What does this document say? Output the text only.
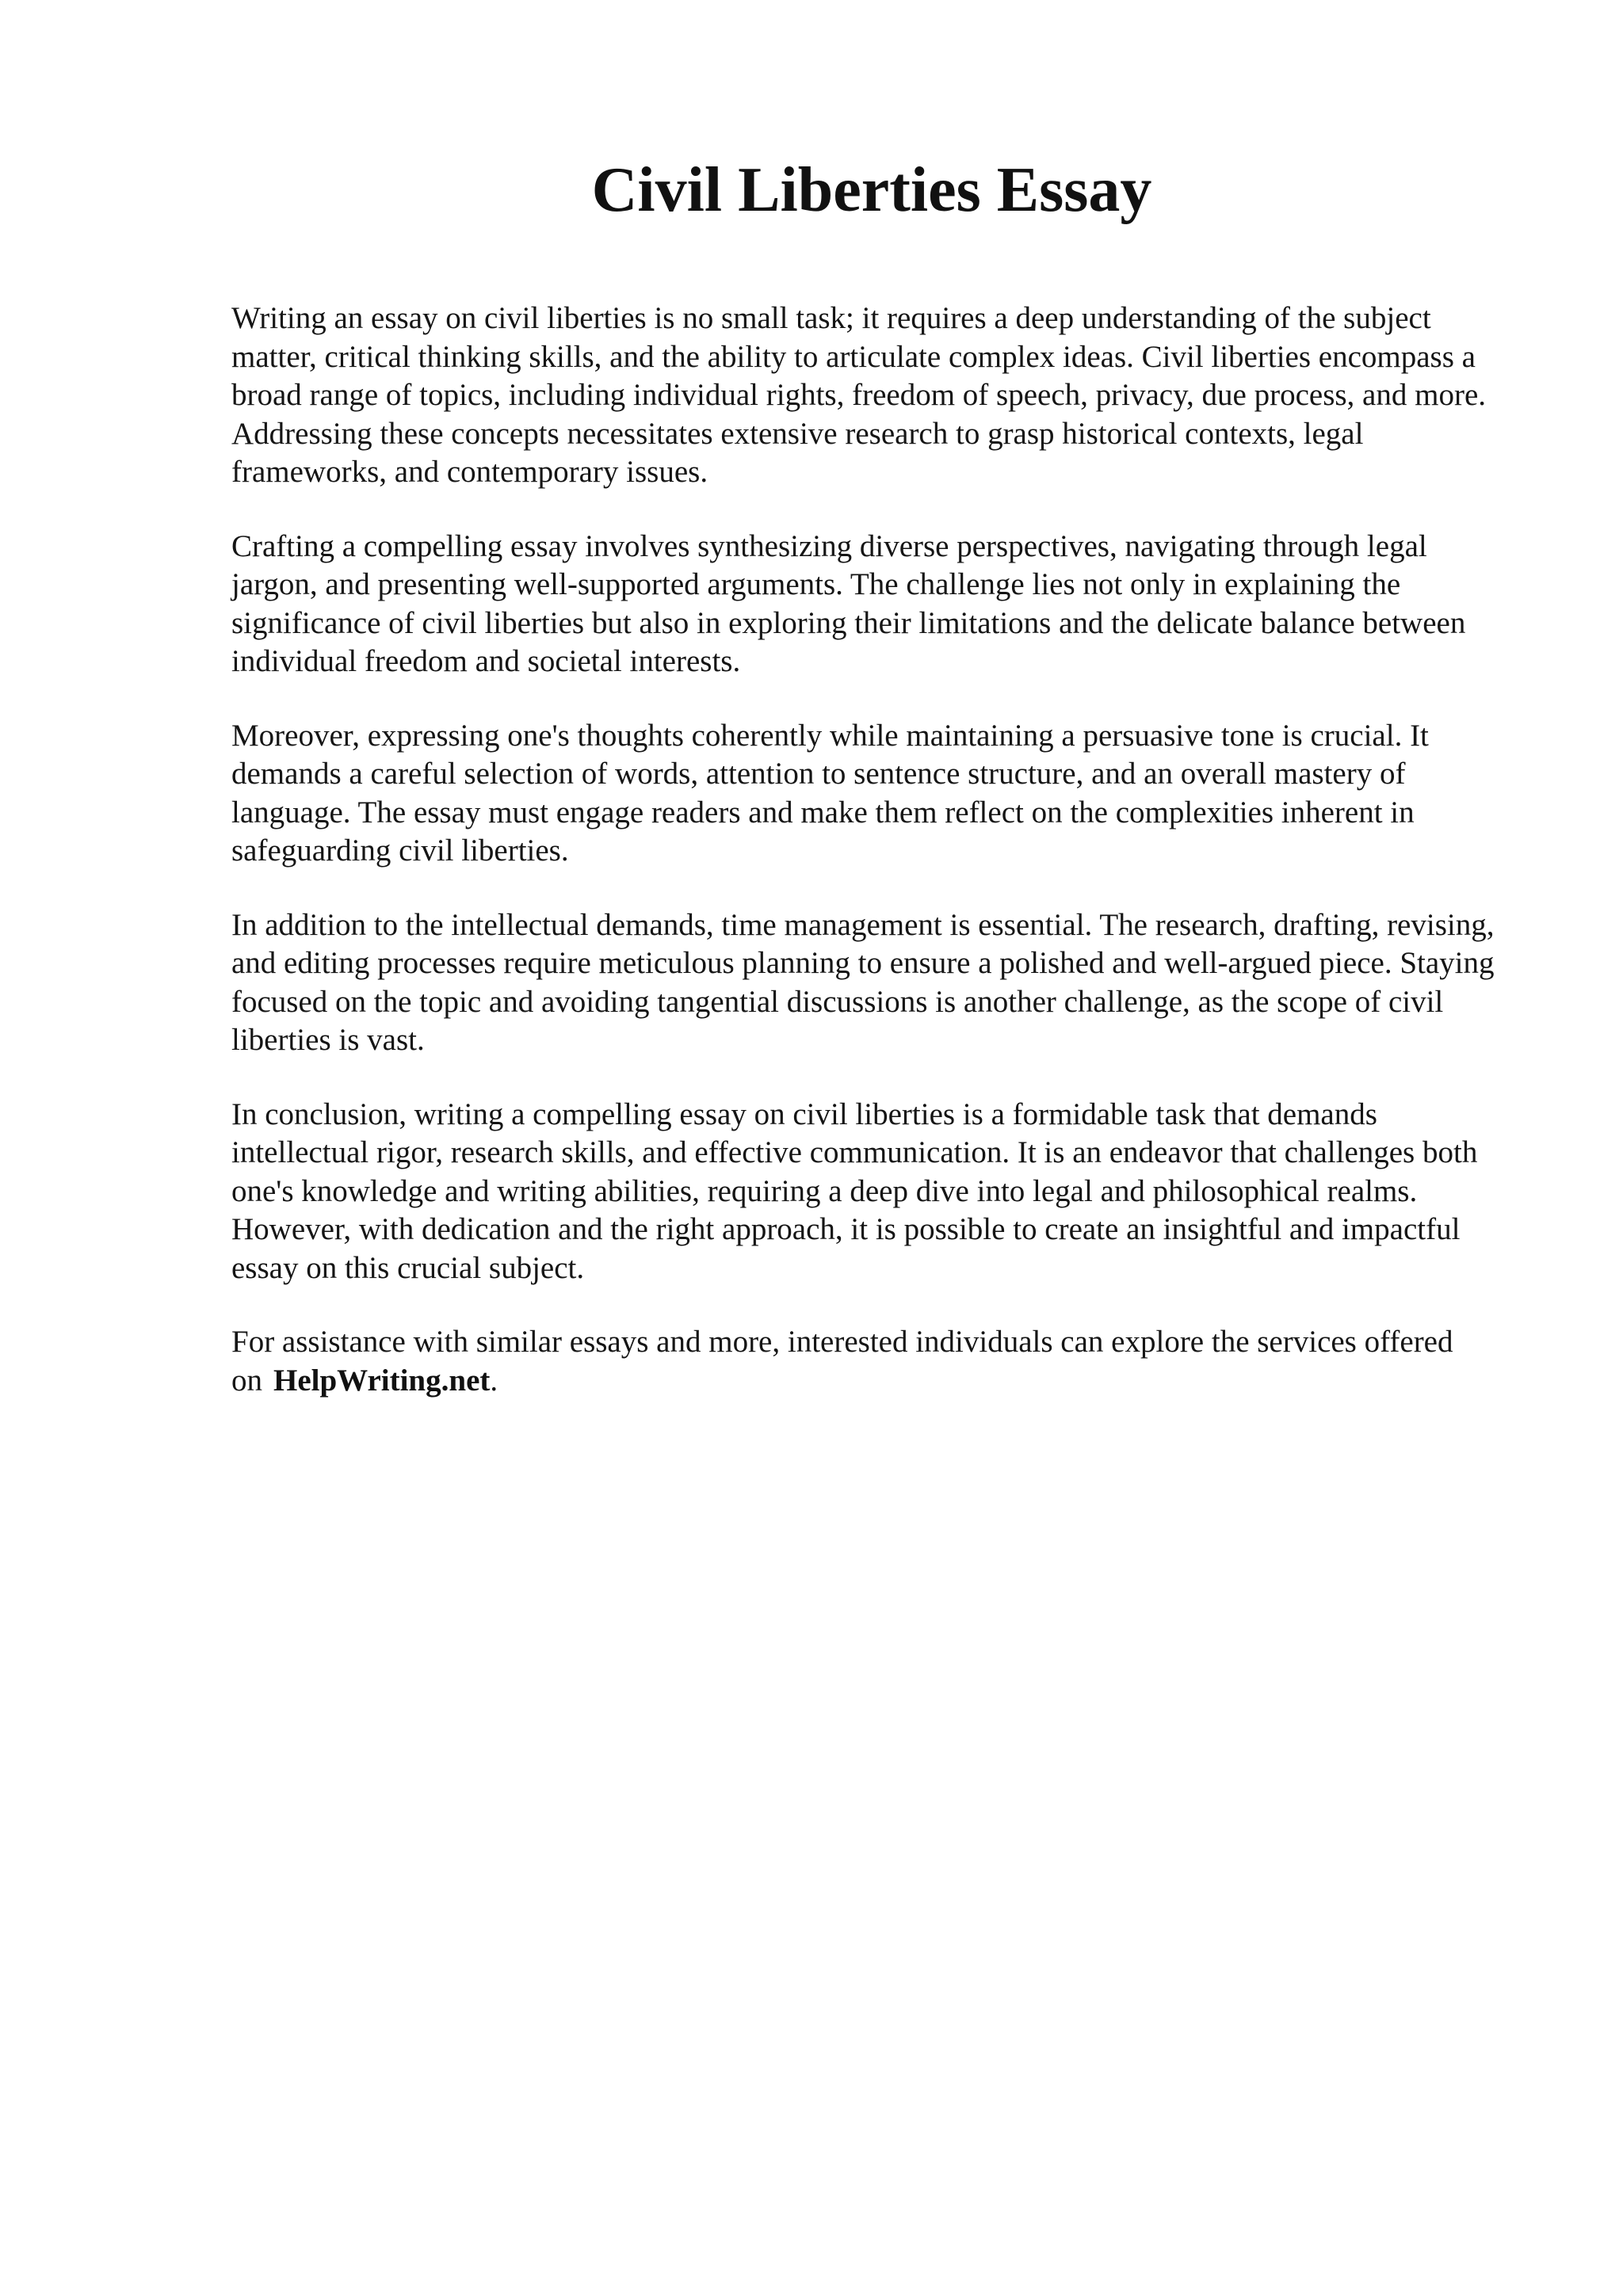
Civil Liberties Essay

Writing an essay on civil liberties is no small task; it requires a deep understanding of the subject matter, critical thinking skills, and the ability to articulate complex ideas. Civil liberties encompass a broad range of topics, including individual rights, freedom of speech, privacy, due process, and more. Addressing these concepts necessitates extensive research to grasp historical contexts, legal frameworks, and contemporary issues.

Crafting a compelling essay involves synthesizing diverse perspectives, navigating through legal jargon, and presenting well-supported arguments. The challenge lies not only in explaining the significance of civil liberties but also in exploring their limitations and the delicate balance between individual freedom and societal interests.

Moreover, expressing one's thoughts coherently while maintaining a persuasive tone is crucial. It demands a careful selection of words, attention to sentence structure, and an overall mastery of language. The essay must engage readers and make them reflect on the complexities inherent in safeguarding civil liberties.

In addition to the intellectual demands, time management is essential. The research, drafting, revising, and editing processes require meticulous planning to ensure a polished and well-argued piece. Staying focused on the topic and avoiding tangential discussions is another challenge, as the scope of civil liberties is vast.

In conclusion, writing a compelling essay on civil liberties is a formidable task that demands intellectual rigor, research skills, and effective communication. It is an endeavor that challenges both one's knowledge and writing abilities, requiring a deep dive into legal and philosophical realms. However, with dedication and the right approach, it is possible to create an insightful and impactful essay on this crucial subject.

For assistance with similar essays and more, interested individuals can explore the services offered on HelpWriting.net.
